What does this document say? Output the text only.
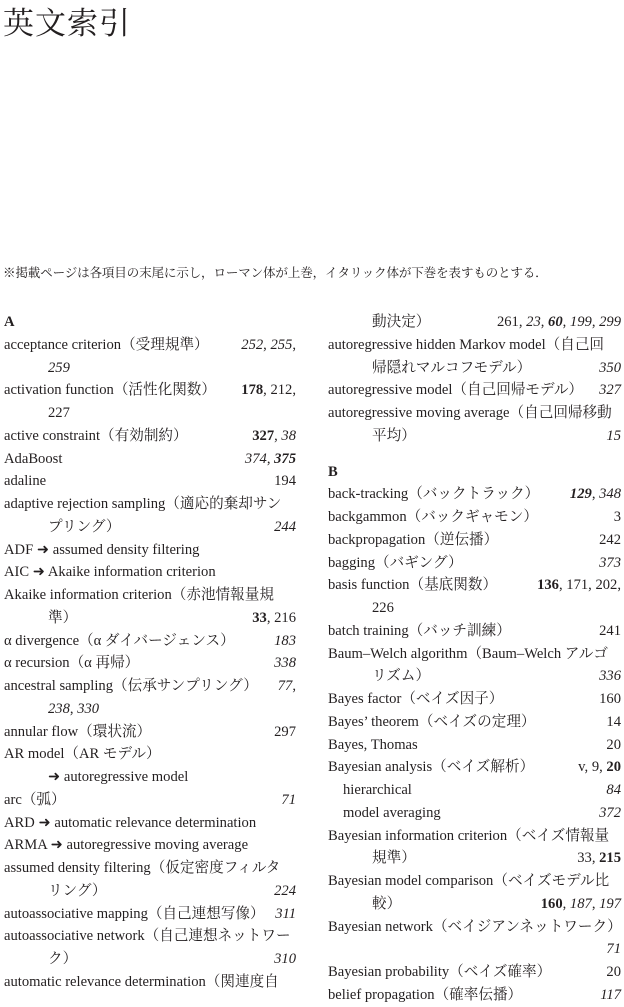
英文索引
※掲載ページは各項目の末尾に示し，ローマン体が上巻，イタリック体が下巻を表すものとする．
A
acceptance criterion（受理規準）	252, 255,
259
activation function（活性化関数）	178, 212,
227
active constraint（有効制約）	327, 38
AdaBoost	374, 375
adaline	194
adaptive rejection sampling（適応的棄却サン
プリング）	244
ADF ➜ assumed density filtering
AIC ➜ Akaike information criterion
Akaike information criterion（赤池情報量規
準）	33, 216
α divergence（α ダイバージェンス）	183
α recursion（α 再帰）	338
ancestral sampling（伝承サンプリング）	77,
238, 330
annular flow（環状流）	297
AR model（AR モデル）
➜ autoregressive model
arc（弧）	71
ARD ➜ automatic relevance determination
ARMA ➜ autoregressive moving average
assumed density filtering（仮定密度フィルタ
リング）	224
autoassociative mapping（自己連想写像） 311
autoassociative network（自己連想ネットワー
ク）	310
automatic relevance determination（関連度自
動決定）	261, 23, 60, 199, 299
autoregressive hidden Markov model（自己回
帰隠れマルコフモデル）	350
autoregressive model（自己回帰モデル）	327
autoregressive moving average（自己回帰移動
平均）	15
B
back-tracking（バックトラック）	129, 348
backgammon（バックギャモン）	3
backpropagation（逆伝播）	242
bagging（バギング）	373
basis function（基底関数）	136, 171, 202,
226
batch training（バッチ訓練）	241
Baum–Welch algorithm（Baum–Welch アルゴ
リズム）	336
Bayes factor（ベイズ因子）	160
Bayes’ theorem（ベイズの定理）	14
Bayes, Thomas	20
Bayesian analysis（ベイズ解析）	v, 9, 20
hierarchical	84
model averaging	372
Bayesian information criterion（ベイズ情報量
規準）	33, 215
Bayesian model comparison（ベイズモデル比
較）	160, 187, 197
Bayesian network（ベイジアンネットワーク）
71
Bayesian probability（ベイズ確率）	20
belief propagation（確率伝播）	117
